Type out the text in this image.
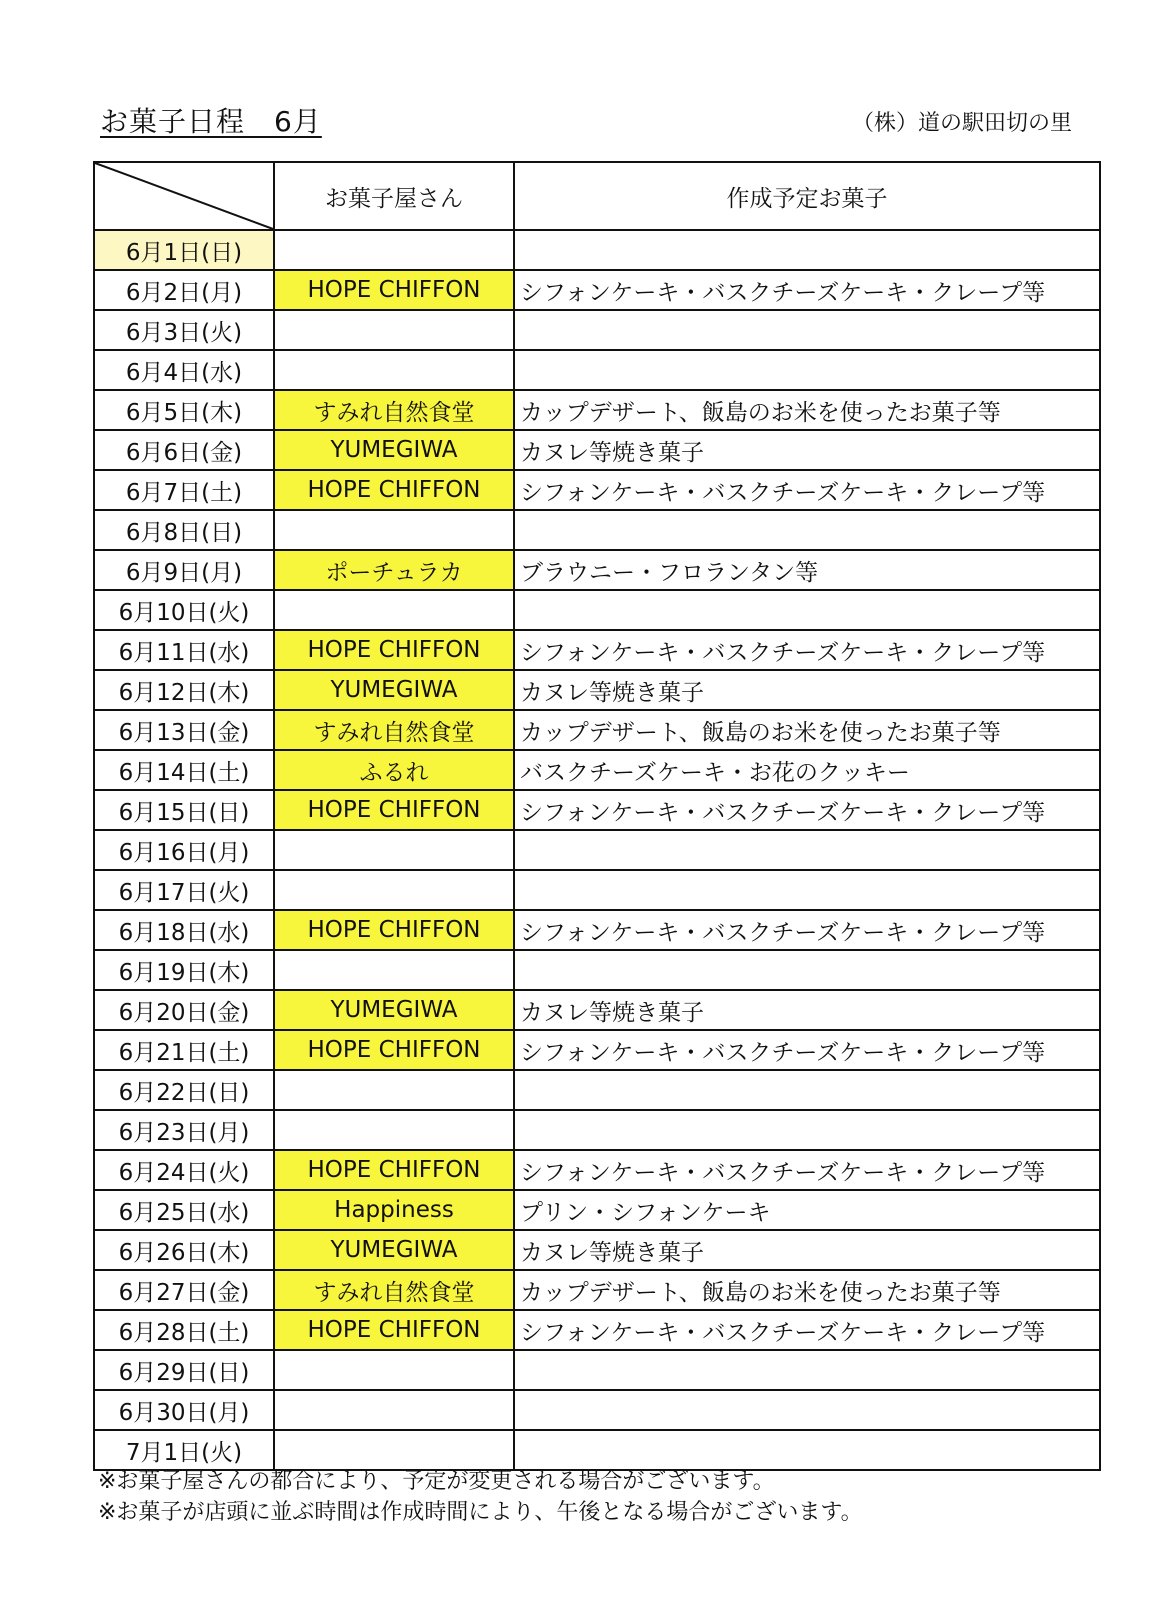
お菓子日程　6月	（株）道の駅田切の里
	お菓子屋さん	作成予定お菓子
6月1日(日)		
6月2日(月)	HOPE CHIFFON	シフォンケーキ・バスクチーズケーキ・クレープ等
6月3日(火)		
6月4日(水)		
6月5日(木)	すみれ自然食堂	カップデザート、飯島のお米を使ったお菓子等
6月6日(金)	YUMEGIWA	カヌレ等焼き菓子
6月7日(土)	HOPE CHIFFON	シフォンケーキ・バスクチーズケーキ・クレープ等
6月8日(日)		
6月9日(月)	ポーチュラカ	ブラウニー・フロランタン等
6月10日(火)		
6月11日(水)	HOPE CHIFFON	シフォンケーキ・バスクチーズケーキ・クレープ等
6月12日(木)	YUMEGIWA	カヌレ等焼き菓子
6月13日(金)	すみれ自然食堂	カップデザート、飯島のお米を使ったお菓子等
6月14日(土)	ふるれ	バスクチーズケーキ・お花のクッキー
6月15日(日)	HOPE CHIFFON	シフォンケーキ・バスクチーズケーキ・クレープ等
6月16日(月)		
6月17日(火)		
6月18日(水)	HOPE CHIFFON	シフォンケーキ・バスクチーズケーキ・クレープ等
6月19日(木)		
6月20日(金)	YUMEGIWA	カヌレ等焼き菓子
6月21日(土)	HOPE CHIFFON	シフォンケーキ・バスクチーズケーキ・クレープ等
6月22日(日)		
6月23日(月)		
6月24日(火)	HOPE CHIFFON	シフォンケーキ・バスクチーズケーキ・クレープ等
6月25日(水)	Happiness	プリン・シフォンケーキ
6月26日(木)	YUMEGIWA	カヌレ等焼き菓子
6月27日(金)	すみれ自然食堂	カップデザート、飯島のお米を使ったお菓子等
6月28日(土)	HOPE CHIFFON	シフォンケーキ・バスクチーズケーキ・クレープ等
6月29日(日)		
6月30日(月)		
7月1日(火)		
※お菓子屋さんの都合により、予定が変更される場合がございます。
※お菓子が店頭に並ぶ時間は作成時間により、午後となる場合がございます。
